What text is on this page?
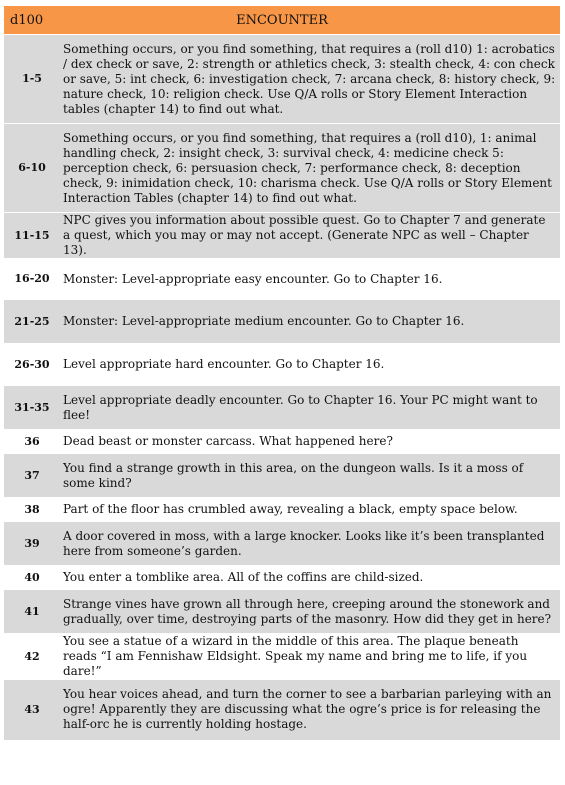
d100	ENCOUNTER
1-5	Something occurs, or you find something, that requires a (roll d10) 1: acrobatics / dex check or save, 2: strength or athletics check, 3: stealth check, 4: con check or save, 5: int check, 6: investigation check, 7: arcana check, 8: history check, 9: nature check, 10: religion check. Use Q/A rolls or Story Element Interaction tables (chapter 14) to find out what.
6-10	Something occurs, or you find something, that requires a (roll d10), 1: animal handling check, 2: insight check, 3: survival check, 4: medicine check 5: perception check, 6: persuasion check, 7: performance check, 8: deception check, 9: inimidation check, 10: charisma check. Use Q/A rolls or Story Element Interaction Tables (chapter 14) to find out what.
11-15	NPC gives you information about possible quest. Go to Chapter 7 and generate a quest, which you may or may not accept. (Generate NPC as well – Chapter 13).
16-20	Monster: Level-appropriate easy encounter. Go to Chapter 16.
21-25	Monster: Level-appropriate medium encounter. Go to Chapter 16.
26-30	Level appropriate hard encounter. Go to Chapter 16.
31-35	Level appropriate deadly encounter. Go to Chapter 16. Your PC might want to flee!
36	Dead beast or monster carcass. What happened here?
37	You find a strange growth in this area, on the dungeon walls. Is it a moss of some kind?
38	Part of the floor has crumbled away, revealing a black, empty space below.
39	A door covered in moss, with a large knocker. Looks like it’s been transplanted here from someone’s garden.
40	You enter a tomblike area. All of the coffins are child-sized.
41	Strange vines have grown all through here, creeping around the stonework and gradually, over time, destroying parts of the masonry. How did they get in here?
42	You see a statue of a wizard in the middle of this area. The plaque beneath reads “I am Fennishaw Eldsight. Speak my name and bring me to life, if you dare!”
43	You hear voices ahead, and turn the corner to see a barbarian parleying with an ogre! Apparently they are discussing what the ogre’s price is for releasing the half-orc he is currently holding hostage.
